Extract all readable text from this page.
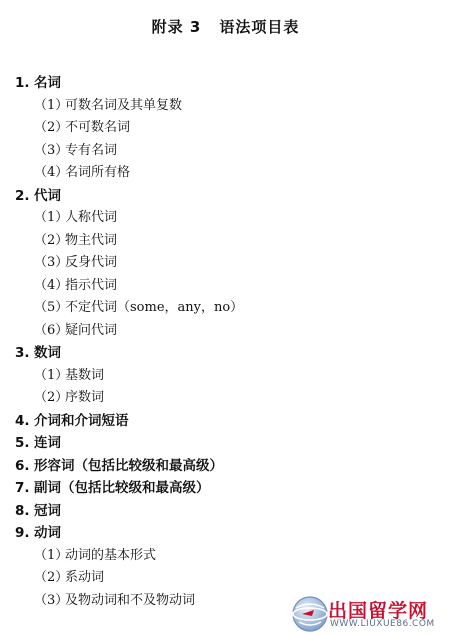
附录 3 语法项目表
1. 名词
（1）可数名词及其单复数
（2）不可数名词
（3）专有名词
（4）名词所有格
2. 代词
（1）人称代词
（2）物主代词
（3）反身代词
（4）指示代词
（5）不定代词（some，any，no）
（6）疑问代词
3. 数词
（1）基数词
（2）序数词
4. 介词和介词短语
5. 连词
6. 形容词（包括比较级和最高级）
7. 副词（包括比较级和最高级）
8. 冠词
9. 动词
（1）动词的基本形式
（2）系动词
（3）及物动词和不及物动词	出国留学网
WWW.LIUXUE86.COM
